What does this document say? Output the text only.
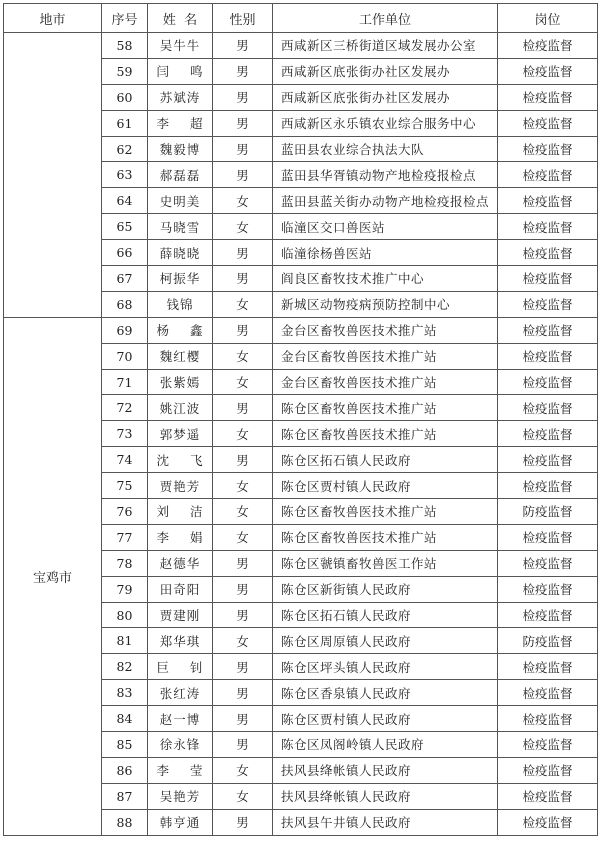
地市	序号	姓  名	性别	工作单位	岗位
	58	吴牛牛	男	西咸新区三桥街道区域发展办公室	检疫监督
	59	闫    鸣	男	西咸新区底张街办社区发展办	检疫监督
	60	苏斌涛	男	西咸新区底张街办社区发展办	检疫监督
	61	李    超	男	西咸新区永乐镇农业综合服务中心	检疫监督
	62	魏毅博	男	蓝田县农业综合执法大队	检疫监督
	63	郝磊磊	男	蓝田县华胥镇动物产地检疫报检点	检疫监督
	64	史明美	女	蓝田县蓝关街办动物产地检疫报检点	检疫监督
	65	马晓雪	女	临潼区交口兽医站	检疫监督
	66	薛晓晓	男	临潼徐杨兽医站	检疫监督
	67	柯振华	男	阎良区畜牧技术推广中心	检疫监督
	68	钱锦	女	新城区动物疫病预防控制中心	检疫监督
宝鸡市	69	杨    鑫	男	金台区畜牧兽医技术推广站	检疫监督
	70	魏红樱	女	金台区畜牧兽医技术推广站	检疫监督
	71	张紫嫣	女	金台区畜牧兽医技术推广站	检疫监督
	72	姚江波	男	陈仓区畜牧兽医技术推广站	检疫监督
	73	郭梦遥	女	陈仓区畜牧兽医技术推广站	检疫监督
	74	沈    飞	男	陈仓区拓石镇人民政府	检疫监督
	75	贾艳芳	女	陈仓区贾村镇人民政府	检疫监督
	76	刘    洁	女	陈仓区畜牧兽医技术推广站	防疫监督
	77	李    娟	女	陈仓区畜牧兽医技术推广站	检疫监督
	78	赵德华	男	陈仓区虢镇畜牧兽医工作站	检疫监督
	79	田奇阳	男	陈仓区新街镇人民政府	检疫监督
	80	贾建刚	男	陈仓区拓石镇人民政府	检疫监督
	81	郑华琪	女	陈仓区周原镇人民政府	防疫监督
	82	巨    钊	男	陈仓区坪头镇人民政府	检疫监督
	83	张红涛	男	陈仓区香泉镇人民政府	检疫监督
	84	赵一博	男	陈仓区贾村镇人民政府	检疫监督
	85	徐永锋	男	陈仓区凤阁岭镇人民政府	检疫监督
	86	李    莹	女	扶风县绛帐镇人民政府	检疫监督
	87	吴艳芳	女	扶风县绛帐镇人民政府	检疫监督
	88	韩亨通	男	扶风县午井镇人民政府	检疫监督
